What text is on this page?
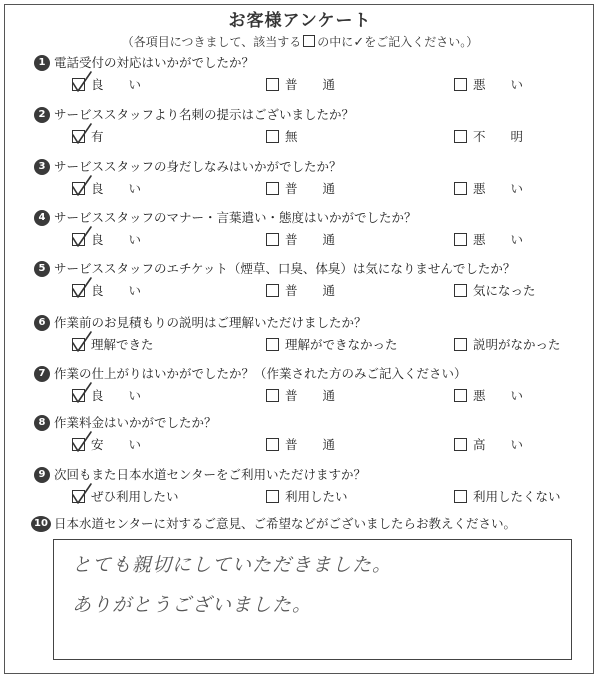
お客様アンケート
（各項目につきまして、該当する の中に✓をご記入ください。）
1 電話受付の対応はいかがでしたか？
良　　い	普　　通	悪　　い
2 サービススタッフより名刺の提示はございましたか？
有	無	不　　明
3 サービススタッフの身だしなみはいかがでしたか？
良　　い	普　　通	悪　　い
4 サービススタッフのマナー・言葉遣い・態度はいかがでしたか？
良　　い	普　　通	悪　　い
5 サービススタッフのエチケット（煙草、口臭、体臭）は気になりませんでしたか？
良　　い	普　　通	気になった
6 作業前のお見積もりの説明はご理解いただけましたか？
理解できた	理解ができなかった	説明がなかった
7 作業の仕上がりはいかがでしたか？（作業された方のみご記入ください）
良　　い	普　　通	悪　　い
8 作業料金はいかがでしたか？
安　　い	普　　通	高　　い
9 次回もまた日本水道センターをご利用いただけますか？
ぜひ利用したい	利用したい	利用したくない
10 日本水道センターに対するご意見、ご希望などがございましたらお教えください。
とても親切にしていただきました。
ありがとうございました。
